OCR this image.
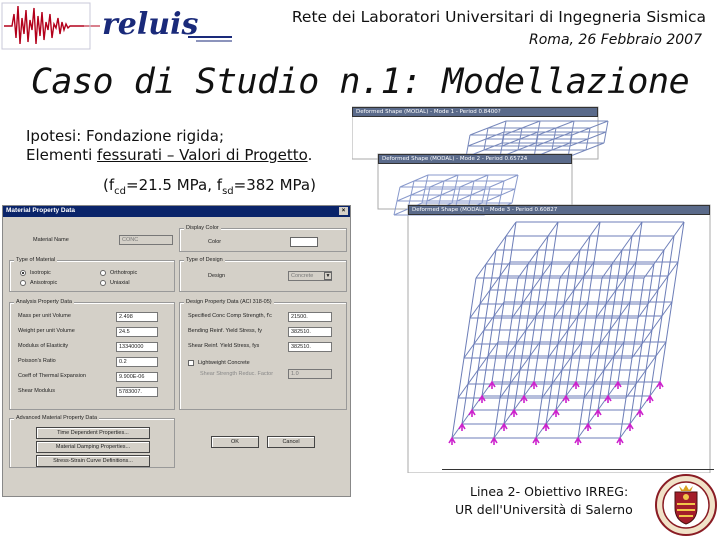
reluis	Rete dei Laboratori Universitari di Ingegneria Sismica
Roma, 26 Febbraio 2007
Caso di Studio n.1: Modellazione
Ipotesi: Fondazione rigida;
Elementi fessurati – Valori di Progetto.
($f_{cd}=21.5$ MPa, $f_{sd}=382$ MPa)
Material Property Data	×
Material Name	CONC
Display Color
Color
Type of Material
Isotropic
Anisotropic
Orthotropic
Uniaxial
Type of Design
Design	Concrete	▼
Analysis Property Data
Mass per unit Volume	2.498
Weight per unit Volume	24.5
Modulus of Elasticity	13340000
Poisson's Ratio	0.2
Coeff of Thermal Expansion	9.900E-06
Shear Modulus	5783007.
Design Property Data (ACI 318-05)
Specified Conc Comp Strength, f'c	21500.
Bending Reinf. Yield Stress, fy	382510.
Shear Reinf. Yield Stress, fys	382510.
Lightweight Concrete
Shear Strength Reduc. Factor	1.0
Advanced Material Property Data
Time Dependent Properties...
Material Damping Properties...
Stress-Strain Curve Definitions...
OK	Cancel
Deformed Shape (MODAL) - Mode 1 - Period 0.8400?
Deformed Shape (MODAL) - Mode 2 - Period 0.65724
Deformed Shape (MODAL) - Mode 3 - Period 0.60827
Linea 2- Obiettivo IRREG:
UR dell'Università di Salerno
